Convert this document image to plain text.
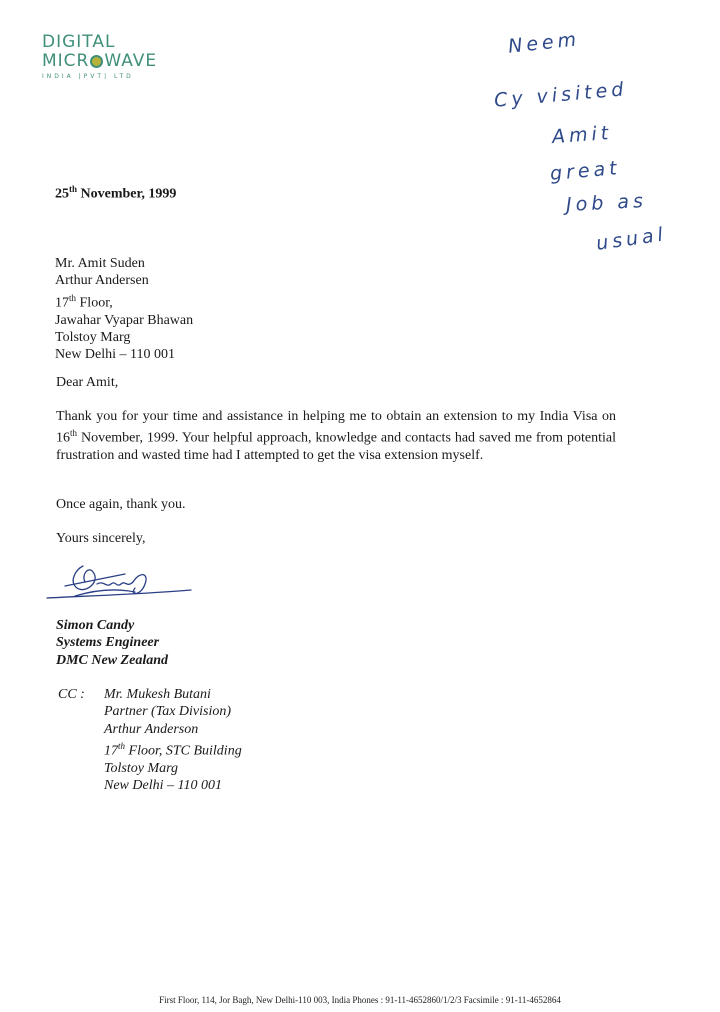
DIGITAL
MICR WAVE
INDIA |PVT| LTD
Neem
Cy visited
Amit
great
Job as
usual
25th November, 1999
Mr. Amit Suden
Arthur Andersen
17th Floor,
Jawahar Vyapar Bhawan
Tolstoy Marg
New Delhi – 110 001
Dear Amit,
Thank you for your time and assistance in helping me to obtain an extension to my India Visa on 16th November, 1999. Your helpful approach, knowledge and contacts had saved me from potential frustration and wasted time had I attempted to get the visa extension myself.
Once again, thank you.
Yours sincerely,
Simon Candy
Systems Engineer
DMC New Zealand
CC : Mr. Mukesh Butani
Partner (Tax Division)
Arthur Anderson
17th Floor, STC Building
Tolstoy Marg
New Delhi – 110 001
First Floor, 114, Jor Bagh, New Delhi-110 003, India Phones : 91-11-4652860/1/2/3 Facsimile : 91-11-4652864
